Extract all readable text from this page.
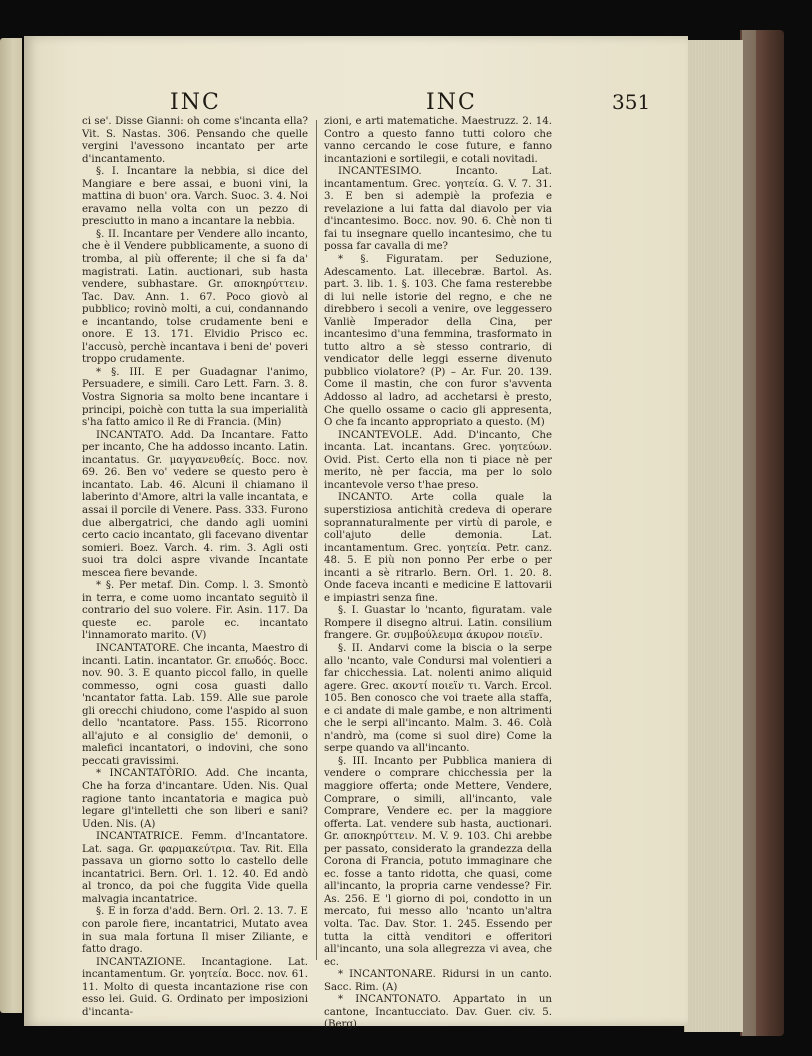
INC	INC	351

ci se'. Disse Gianni: oh come s'incanta ella? Vit. S. Nastas. 306. Pensando che quelle vergini l'avessono incantato per arte d'incantamento.

§. I. Incantare la nebbia, si dice del Mangiare e bere assai, e buoni vini, la mattina di buon' ora. Varch. Suoc. 3. 4. Noi eravamo nella volta con un pezzo di presciutto in mano a incantare la nebbia.

§. II. Incantare per Vendere allo incanto, che è il Vendere pubblicamente, a suono di tromba, al più offerente; il che si fa da' magistrati. Latin. auctionari, sub hasta vendere, subhastare. Gr. αποκηρύττειν. Tac. Dav. Ann. 1. 67. Poco giovò al pubblico; rovinò molti, a cui, condannando e incantando, tolse crudamente beni e onore. E 13. 171. Elvidio Prisco ec. l'accusò, perchè incantava i beni de' poveri troppo crudamente.

* §. III. E per Guadagnar l'animo, Persuadere, e simili. Caro Lett. Farn. 3. 8. Vostra Signoria sa molto bene incantare i principi, poichè con tutta la sua imperialità s'ha fatto amico il Re di Francia. (Min)

INCANTATO. Add. Da Incantare. Fatto per incanto, Che ha addosso incanto. Latin. incantatus. Gr. μαγγανευθείς. Bocc. nov. 69. 26. Ben vo' vedere se questo pero è incantato. Lab. 46. Alcuni il chiamano il laberinto d'Amore, altri la valle incantata, e assai il porcile di Venere. Pass. 333. Furono due albergatrici, che dando agli uomini certo cacio incantato, gli facevano diventar somieri. Boez. Varch. 4. rim. 3. Agli osti suoi tra dolci aspre vivande Incantate mescea fiere bevande.

* §. Per metaf. Din. Comp. l. 3. Smontò in terra, e come uomo incantato seguitò il contrario del suo volere. Fir. Asin. 117. Da queste ec. parole ec. incantato l'innamorato marito. (V)

INCANTATORE. Che incanta, Maestro di incanti. Latin. incantator. Gr. επωδός. Bocc. nov. 90. 3. E quanto piccol fallo, in quelle commesso, ogni cosa guasti dallo 'ncantator fatta. Lab. 159. Alle sue parole gli orecchi chiudono, come l'aspido al suon dello 'ncantatore. Pass. 155. Ricorrono all'ajuto e al consiglio de' demonii, o malefici incantatori, o indovini, che sono peccati gravissimi.

* INCANTATÒRIO. Add. Che incanta, Che ha forza d'incantare. Uden. Nis. Qual ragione tanto incantatoria e magica può legare gl'intelletti che son liberi e sani? Uden. Nis. (A)

INCANTATRICE. Femm. d'Incantatore. Lat. saga. Gr. φαρμακεύτρια. Tav. Rit. Ella passava un giorno sotto lo castello delle incantatrici. Bern. Orl. 1. 12. 40. Ed andò al tronco, da poi che fuggita Vide quella malvagia incantatrice.

§. E in forza d'add. Bern. Orl. 2. 13. 7. E con parole fiere, incantatrici, Mutato avea in sua mala fortuna Il miser Ziliante, e fatto drago.

INCANTAZIONE. Incantagione. Lat. incantamentum. Gr. γοητεία. Bocc. nov. 61. 11. Molto di questa incantazione rise con esso lei. Guid. G. Ordinato per imposizioni d'incanta-

zioni, e arti matematiche. Maestruzz. 2. 14. Contro a questo fanno tutti coloro che vanno cercando le cose future, e fanno incantazioni e sortilegii, e cotali novitadi.

INCANTESIMO. Incanto. Lat. incantamentum. Grec. γοητεία. G. V. 7. 31. 3. E ben si adempiè la profezia e revelazione a lui fatta dal diavolo per via d'incantesimo. Bocc. nov. 90. 6. Chè non ti fai tu insegnare quello incantesimo, che tu possa far cavalla di me?

* §. Figuratam. per Seduzione, Adescamento. Lat. illecebræ. Bartol. As. part. 3. lib. 1. §. 103. Che fama resterebbe di lui nelle istorie del regno, e che ne direbbero i secoli a venire, ove leggessero Vanliè Imperador della Cina, per incantesimo d'una femmina, trasformato in tutto altro a sè stesso contrario, di vendicator delle leggi esserne divenuto pubblico violatore? (P) – Ar. Fur. 20. 139. Come il mastin, che con furor s'avventa Addosso al ladro, ad acchetarsi è presto, Che quello ossame o cacio gli appresenta, O che fa incanto appropriato a questo. (M)

INCANTEVOLE. Add. D'incanto, Che incanta. Lat. incantans. Grec. γοητεύων. Ovid. Pist. Certo ella non ti piace nè per merito, nè per faccia, ma per lo solo incantevole verso t'hae preso.

INCANTO. Arte colla quale la superstiziosa antichità credeva di operare soprannaturalmente per virtù di parole, e coll'ajuto delle demonia. Lat. incantamentum. Grec. γοητεία. Petr. canz. 48. 5. E più non ponno Per erbe o per incanti a sè ritrarlo. Bern. Orl. 1. 20. 8. Onde faceva incanti e medicine E lattovarii e impiastri senza fine.

§. I. Guastar lo 'ncanto, figuratam. vale Rompere il disegno altrui. Latin. consilium frangere. Gr. συμβούλευμα άκυρον ποιεϊν.

§. II. Andarvi come la biscia o la serpe allo 'ncanto, vale Condursi mal volentieri a far chicchessia. Lat. nolenti animo aliquid agere. Grec. ακοντί ποιεϊν τι. Varch. Ercol. 105. Ben conosco che voi traete alla staffa, e ci andate di male gambe, e non altrimenti che le serpi all'incanto. Malm. 3. 46. Colà n'andrò, ma (come si suol dire) Come la serpe quando va all'incanto.

§. III. Incanto per Pubblica maniera di vendere o comprare chicchessia per la maggiore offerta; onde Mettere, Vendere, Comprare, o simili, all'incanto, vale Comprare, Vendere ec. per la maggiore offerta. Lat. vendere sub hasta, auctionari. Gr. αποκηρύττειν. M. V. 9. 103. Chi arebbe per passato, considerato la grandezza della Corona di Francia, potuto immaginare che ec. fosse a tanto ridotta, che quasi, come all'incanto, la propria carne vendesse? Fir. As. 256. E 'l giorno di poi, condotto in un mercato, fui messo allo 'ncanto un'altra volta. Tac. Dav. Stor. 1. 245. Essendo per tutta la città venditori e offeritori all'incanto, una sola allegrezza vi avea, che ec.

* INCANTONARE. Ridursi in un canto. Sacc. Rim. (A)

* INCANTONATO. Appartato in un cantone, Incantucciato. Dav. Guer. civ. 5. (Berg)
